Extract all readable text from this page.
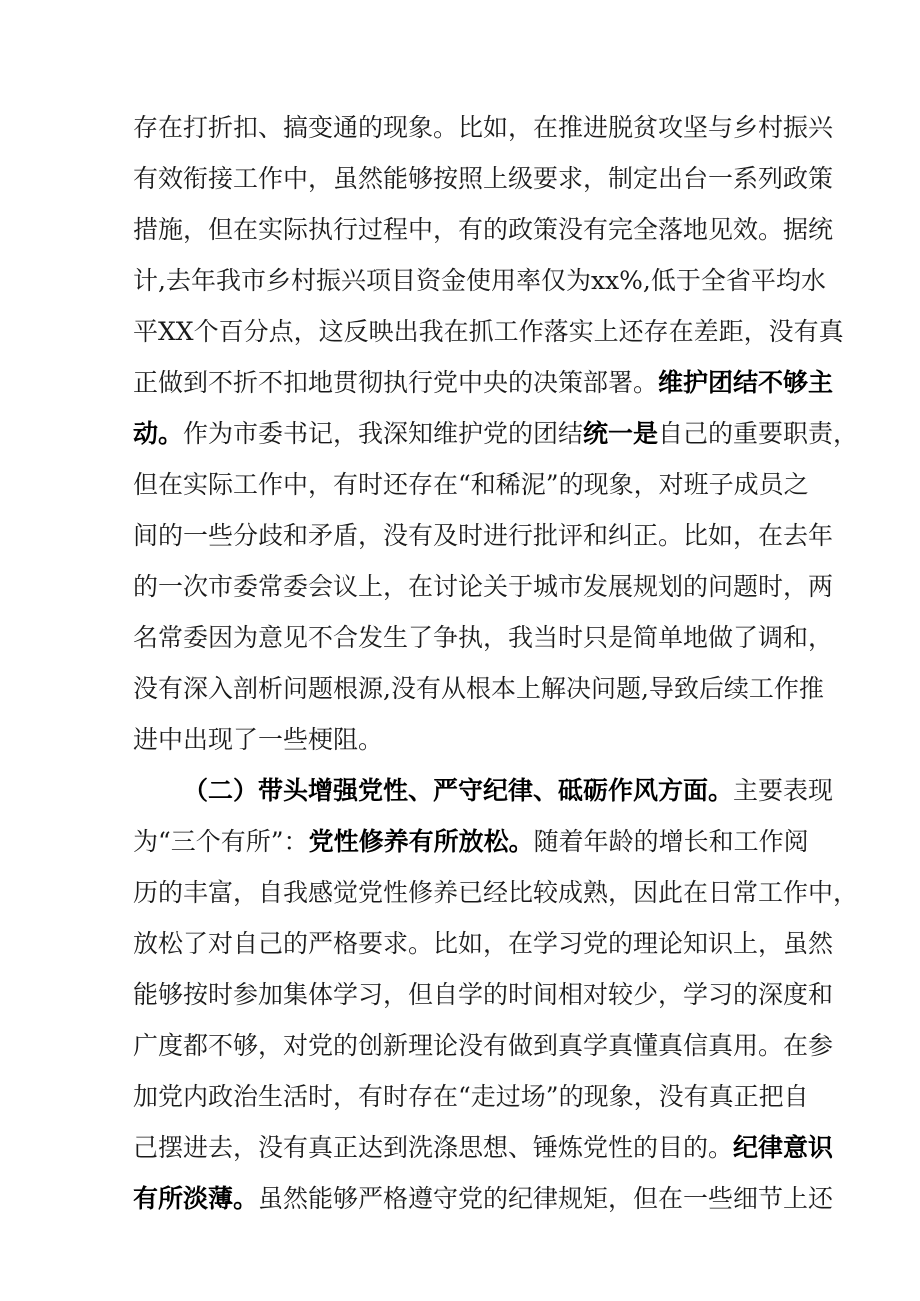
存在打折扣、搞变通的现象。比如，在推进脱贫攻坚与乡村振兴
有效衔接工作中，虽然能够按照上级要求，制定出台一系列政策
措施，但在实际执行过程中，有的政策没有完全落地见效。据统
计,去年我市乡村振兴项目资金使用率仅为xx%,低于全省平均水
平XX个百分点，这反映出我在抓工作落实上还存在差距，没有真
正做到不折不扣地贯彻执行党中央的决策部署。维护团结不够主
动。作为市委书记，我深知维护党的团结统一是自己的重要职责，
但在实际工作中，有时还存在“和稀泥”的现象，对班子成员之
间的一些分歧和矛盾，没有及时进行批评和纠正。比如，在去年
的一次市委常委会议上，在讨论关于城市发展规划的问题时，两
名常委因为意见不合发生了争执，我当时只是简单地做了调和，
没有深入剖析问题根源,没有从根本上解决问题,导致后续工作推
进中出现了一些梗阻。
（二）带头增强党性、严守纪律、砥砺作风方面。主要表现
为“三个有所”：党性修养有所放松。随着年龄的增长和工作阅
历的丰富，自我感觉党性修养已经比较成熟，因此在日常工作中，
放松了对自己的严格要求。比如，在学习党的理论知识上，虽然
能够按时参加集体学习，但自学的时间相对较少，学习的深度和
广度都不够，对党的创新理论没有做到真学真懂真信真用。在参
加党内政治生活时，有时存在“走过场”的现象，没有真正把自
己摆进去，没有真正达到洗涤思想、锤炼党性的目的。纪律意识
有所淡薄。虽然能够严格遵守党的纪律规矩，但在一些细节上还
